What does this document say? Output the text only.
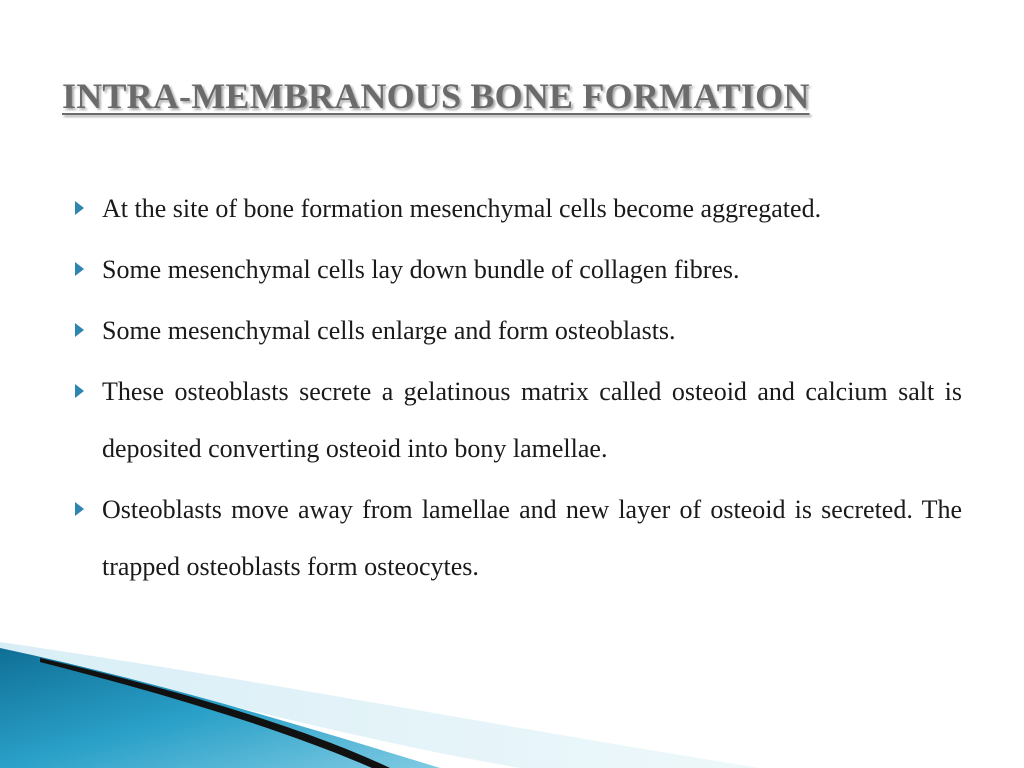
INTRA-MEMBRANOUS BONE FORMATION
At the site of bone formation mesenchymal cells become aggregated.
Some mesenchymal cells lay down bundle of collagen fibres.
Some mesenchymal cells enlarge and form osteoblasts.
These osteoblasts secrete a gelatinous matrix called osteoid and calcium salt is deposited converting osteoid into bony lamellae.
Osteoblasts move away from lamellae and new layer of osteoid is secreted. The trapped osteoblasts form osteocytes.
